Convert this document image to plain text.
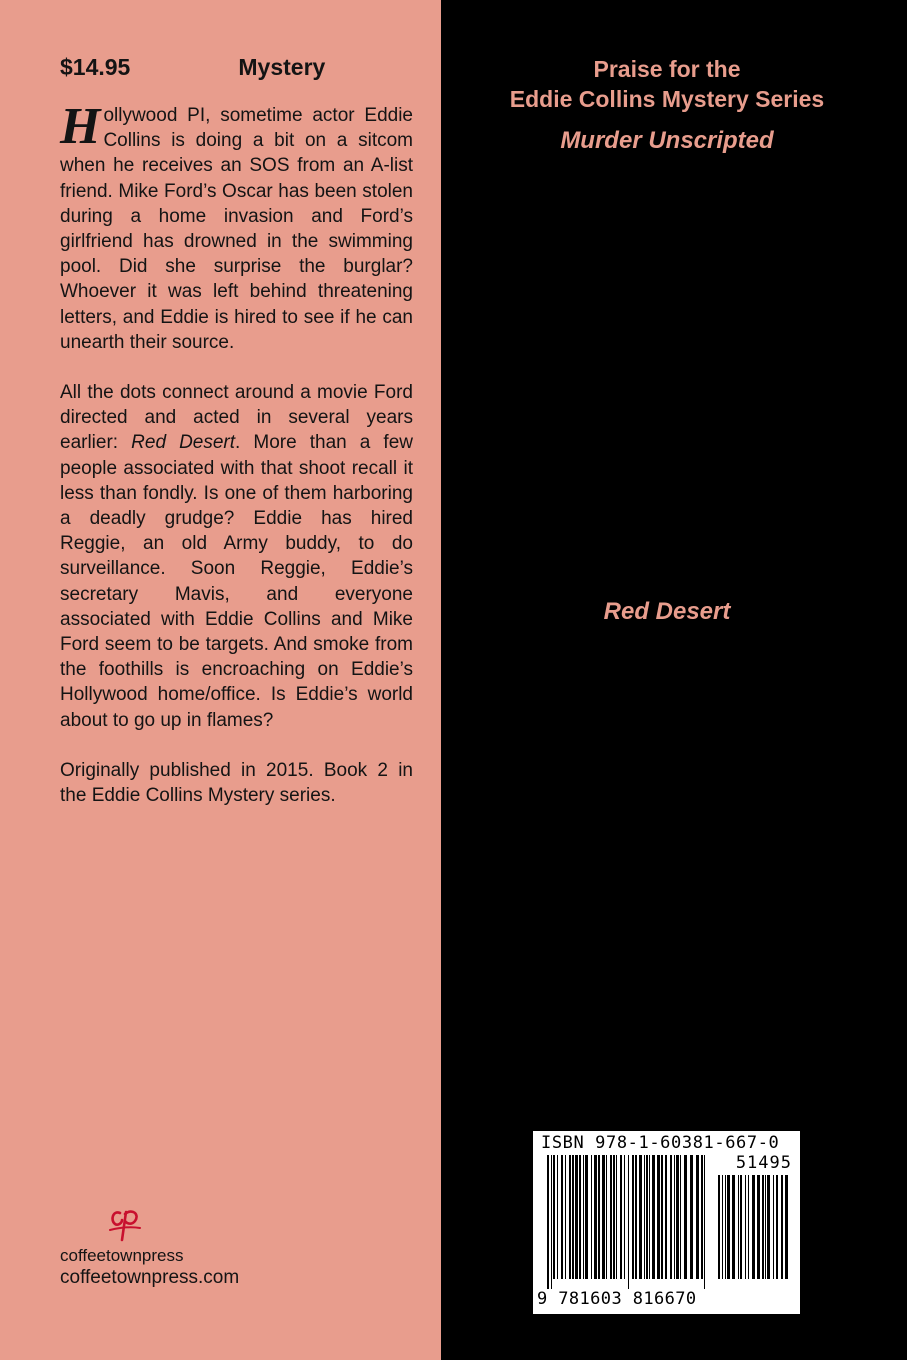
$14.95	Mystery

Hollywood PI, sometime actor Eddie Collins is doing a bit on a sitcom when he receives an SOS from an A-list friend. Mike Ford’s Oscar has been stolen during a home invasion and Ford’s girlfriend has drowned in the swimming pool. Did she surprise the burglar? Whoever it was left behind threatening letters, and Eddie is hired to see if he can unearth their source.

All the dots connect around a movie Ford directed and acted in several years earlier: Red Desert. More than a few people associated with that shoot recall it less than fondly. Is one of them harboring a deadly grudge? Eddie has hired Reggie, an old Army buddy, to do surveillance. Soon Reggie, Eddie’s secretary Mavis, and everyone associated with Eddie Collins and Mike Ford seem to be targets. And smoke from the foothills is encroaching on Eddie’s Hollywood home/office. Is Eddie’s world about to go up in flames?

Originally published in 2015. Book 2 in the Eddie Collins Mystery series.

coffeetownpress
coffeetownpress.com
Praise for the
Eddie Collins Mystery Series
Murder Unscripted
Finalist, Shamus Award,
Private Eye Writers of America

“I like this character Eddie Collins. He’s tough, funny and has the classic private eye’s world-weary wisdom. I hope to see much more of him.” —Michael Connelly, author of the Harry Bosch series

“Blasting out of a time warp, straight from the 1940s. It’s set in modern Hollywood, but it’s old-time California noir, right down to its Bakelite heart [….] luscious.” —Booklist

“The plot purrs along fast and smooth [….] The ending of Murder Unscripted delivers the reader a sweet surprise.” —Mystery Scene

Red Desert
Finalist, Shamus Award,
Private Eye Writers of America

“My friend Clive Rosengren has created a guy I’d like to get to know: Eddie Collins. I wouldn’t mess with him, but you’d want his number in your wallet.” —Tom Hanks

“Veteran insider, author Clive Rosengren, swings a wide net for his actor-cum private eye. Collins adeptly switches from actor to P.I., follows clues, soothes emotions and solves several crimes. Enjoyable, fast and loaded with the author’s trademark keen insights.” —Carl Brookins, author of the Sean Sean P.I series.

ISBN 978-1-60381-667-0
51495
9 781603 816670
